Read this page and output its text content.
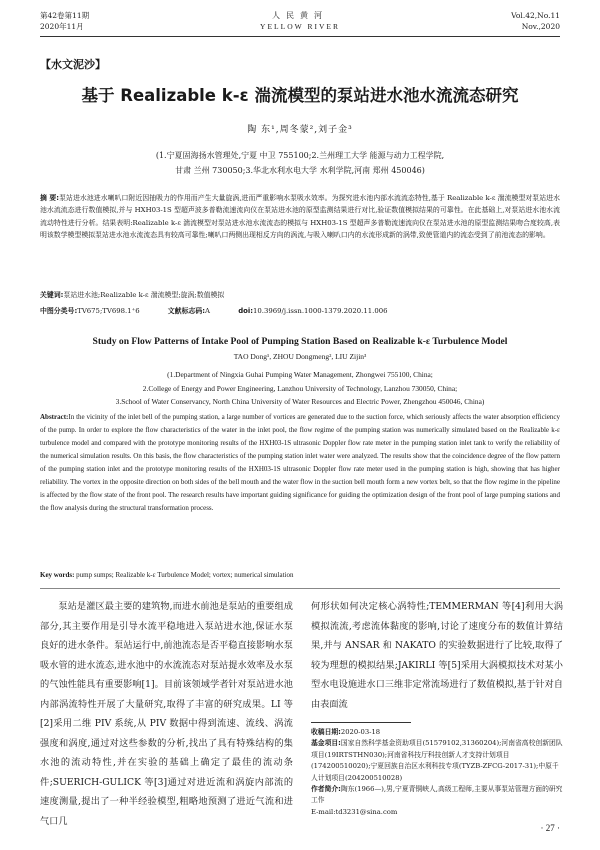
第42卷第11期
2020年11月
人民黄河
YELLOW RIVER
Vol.42,No.11
Nov.,2020
【水文泥沙】
基于 Realizable k-ε 湍流模型的泵站进水池水流流态研究
陶 东¹,周冬蒙²,刘子金³
(1.宁夏固海扬水管理处,宁夏 中卫 755100;2.兰州理工大学 能源与动力工程学院,
甘肃 兰州 730050;3.华北水利水电大学 水利学院,河南 郑州 450046)
摘 要:泵站进水池进水喇叭口附近因抽吸力的作用而产生大量旋涡,进而严重影响水泵吸水效率。为探究进水池内部水流流态特性,基于 Realizable k-ε 湍流模型对泵站进水池水流流态进行数值模拟,并与 HXH03-1S 型超声波多普勒流速流向仪在泵站进水池的原型监测结果进行对比,验证数值模拟结果的可靠性。在此基础上,对泵站进水池水流流动特性进行分析。结果表明:Realizable k-ε 湍流模型对泵站进水池水流流态的模拟与 HXH03-1S 型超声多普勒流速流向仪在泵站进水池的原型监测结果吻合度较高,表明该数学模型模拟泵站进水池水流流态具有较高可靠性;喇叭口两侧出现相反方向的涡流,与吸入喇叭口内的水流形成新的涡带,致使管道内的流态受到了前池流态的影响。
关键词:泵站进水池;Realizable k-ε 湍流模型;旋涡;数值模拟
中图分类号:TV675;TV698.1⁺6	文献标志码:A	doi:10.3969/j.issn.1000-1379.2020.11.006
Study on Flow Patterns of Intake Pool of Pumping Station Based on Realizable k-ε Turbulence Model
TAO Dong¹, ZHOU Dongmeng², LIU Zijin³
(1.Department of Ningxia Guhai Pumping Water Management, Zhongwei 755100, China;
2.College of Energy and Power Engineering, Lanzhou University of Technology, Lanzhou 730050, China;
3.School of Water Conservancy, North China University of Water Resources and Electric Power, Zhengzhou 450046, China)
Abstract:In the vicinity of the inlet bell of the pumping station, a large number of vortices are generated due to the suction force, which seriously affects the water absorption efficiency of the pump. In order to explore the flow characteristics of the water in the inlet pool, the flow regime of the pumping station was numerically simulated based on the Realizable k-ε turbulence model and compared with the prototype monitoring results of the HXH03-1S ultrasonic Doppler flow rate meter in the pumping station inlet tank to verify the reliability of the numerical simulation results. On this basis, the flow characteristics of the pumping station inlet water were analyzed. The results show that the coincidence degree of the flow pattern of the pumping station inlet and the prototype monitoring results of the HXH03-1S ultrasonic Doppler flow rate meter used in the pumping station is high, showing that has higher reliability. The vortex in the opposite direction on both sides of the bell mouth and the water flow in the suction bell mouth form a new vortex belt, so that the flow regime in the pipeline is affected by the flow state of the front pool. The research results have important guiding significance for guiding the optimization design of the front pool of large pumping stations and the flow analysis during the structural transformation process.
Key words: pump sumps; Realizable k-ε Turbulence Model; vortex; numerical simulation
泵站是灌区最主要的建筑物,而进水前池是泵站的重要组成部分,其主要作用是引导水流平稳地进入泵站进水池,保证水泵良好的进水条件。泵站运行中,前池流态是否平稳直接影响水泵吸水管的进水流态,进水池中的水流流态对泵站提水效率及水泵的气蚀性能具有重要影响[1]。目前该领域学者针对泵站进水池内部涡流特性开展了大量研究,取得了丰富的研究成果。LI 等[2]采用二维 PIV 系统,从 PIV 数据中得到流速、流线、涡流强度和涡度,通过对这些参数的分析,找出了具有特殊结构的集水池的流动特性,并在实验的基础上确定了最佳的流动条件;SUERICH-GULICK 等[3]通过对进近流和涡旋内部流的速度测量,提出了一种半经验模型,粗略地预测了进近气流和进气口几
何形状如何决定核心涡特性;TEMMERMAN 等[4]利用大涡模拟流流,考虑流体黏度的影响,讨论了速度分布的数值计算结果,并与 ANSAR 和 NAKATO 的实验数据进行了比较,取得了较为理想的模拟结果;JAKIRLI 等[5]采用大涡模拟技术对某小型水电设施进水口三维非定常流场进行了数值模拟,基于针对自由表面流

收稿日期:2020-03-18

基金项目:国家自然科学基金资助项目(51579102,31360204);河南省高校创新团队项目(19IRTSTHN030);河南省科技厅科技创新人才支持计划项目(174200510020);宁夏回族自治区水利科技专项(TYZB-ZFCG-2017-31);中原千人计划项目(204200510028)

作者简介:陶东(1966—),男,宁夏青铜峡人,高级工程师,主要从事泵站管理方面的研究工作

E-mail:td3231@sina.com

· 27 ·
